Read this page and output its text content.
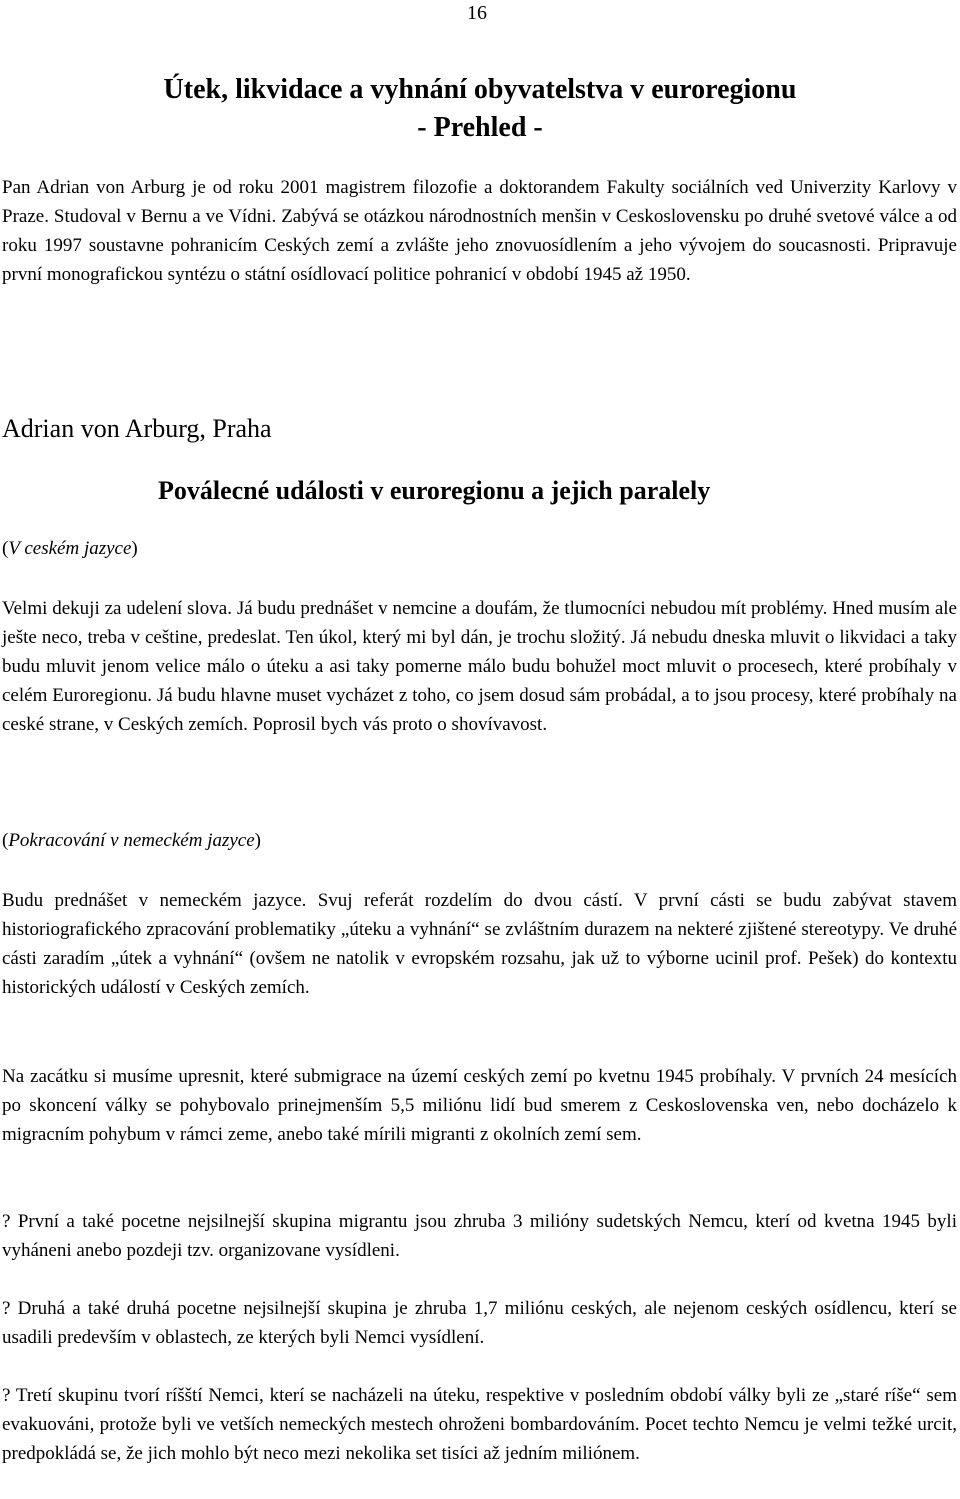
16
Útek, likvidace a vyhnání obyvatelstva v euroregionu
- Prehled -

Pan Adrian von Arburg je od roku 2001 magistrem filozofie a doktorandem Fakulty sociálních ved Univerzity Karlovy v Praze. Studoval v Bernu a ve Vídni. Zabývá se otázkou národnostních menšin v Ceskoslovensku po druhé svetové válce a od roku 1997 soustavne pohranicím Ceských zemí a zvlášte jeho znovuosídlením a jeho vývojem do soucasnosti. Pripravuje první monografickou syntézu o státní osídlovací politice pohranicí v období 1945 až 1950.

Adrian von Arburg, Praha
Poválecné události v euroregionu a jejich paralely

(V ceském jazyce)

Velmi dekuji za udelení slova. Já budu prednášet v nemcine a doufám, že tlumocníci nebudou mít problémy. Hned musím ale ješte neco, treba v ceštine, predeslat. Ten úkol, který mi byl dán, je trochu složitý. Já nebudu dneska mluvit o likvidaci a taky budu mluvit jenom velice málo o úteku a asi taky pomerne málo budu bohužel moct mluvit o procesech, které probíhaly v celém Euroregionu. Já budu hlavne muset vycházet z toho, co jsem dosud sám probádal, a to jsou procesy, které probíhaly na ceské strane, v Ceských zemích. Poprosil bych vás proto o shovívavost.

(Pokracování v nemeckém jazyce)

Budu prednášet v nemeckém jazyce. Svuj referát rozdelím do dvou cástí. V první cásti se budu zabývat stavem historiografického zpracování problematiky „úteku a vyhnání“ se zvláštním durazem na nekteré zjištené stereotypy. Ve druhé cásti zaradím „útek a vyhnání“ (ovšem ne natolik v evropském rozsahu, jak už to výborne ucinil prof. Pešek) do kontextu historických událostí v Ceských zemích.

Na zacátku si musíme upresnit, které submigrace na území ceských zemí po kvetnu 1945 probíhaly. V prvních 24 mesících po skoncení války se pohybovalo prinejmenším 5,5 miliónu lidí bud smerem z Ceskoslovenska ven, nebo docházelo k migracním pohybum v rámci zeme, anebo také mírili migranti z okolních zemí sem.

? První a také pocetne nejsilnejší skupina migrantu jsou zhruba 3 milióny sudetských Nemcu, kterí od kvetna 1945 byli vyháneni anebo pozdeji tzv. organizovane vysídleni.

? Druhá a také druhá pocetne nejsilnejší skupina je zhruba 1,7 miliónu ceských, ale nejenom ceských osídlencu, kterí se usadili predevším v oblastech, ze kterých byli Nemci vysídlení.

? Tretí skupinu tvorí ríšští Nemci, kterí se nacházeli na úteku, respektive v posledním období války byli ze „staré ríše“ sem evakuováni, protože byli ve vetších nemeckých mestech ohroženi bombardováním. Pocet techto Nemcu je velmi težké urcit, predpokládá se, že jich mohlo být neco mezi nekolika set tisíci až jedním miliónem.
